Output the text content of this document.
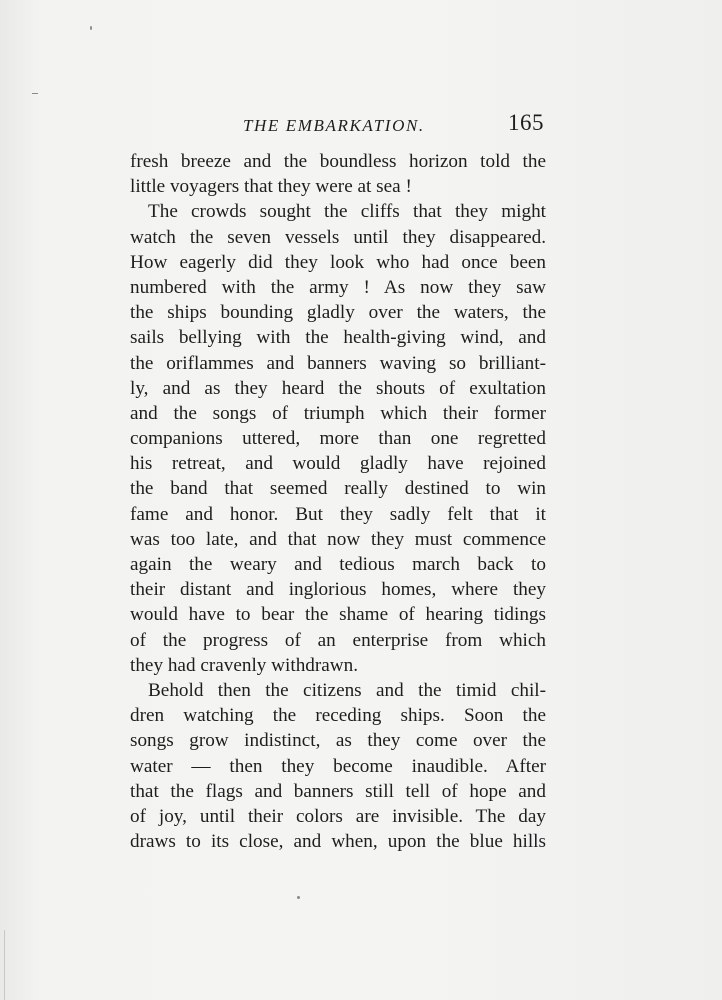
THE EMBARKATION.	165
fresh breeze and the boundless horizon told the
little voyagers that they were at sea !
The crowds sought the cliffs that they might
watch the seven vessels until they disappeared.
How eagerly did they look who had once been
numbered with the army ! As now they saw
the ships bounding gladly over the waters, the
sails bellying with the health-giving wind, and
the oriflammes and banners waving so brilliant-
ly, and as they heard the shouts of exultation
and the songs of triumph which their former
companions uttered, more than one regretted
his retreat, and would gladly have rejoined
the band that seemed really destined to win
fame and honor. But they sadly felt that it
was too late, and that now they must commence
again the weary and tedious march back to
their distant and inglorious homes, where they
would have to bear the shame of hearing tidings
of the progress of an enterprise from which
they had cravenly withdrawn.
Behold then the citizens and the timid chil-
dren watching the receding ships. Soon the
songs grow indistinct, as they come over the
water — then they become inaudible. After
that the flags and banners still tell of hope and
of joy, until their colors are invisible. The day
draws to its close, and when, upon the blue hills
